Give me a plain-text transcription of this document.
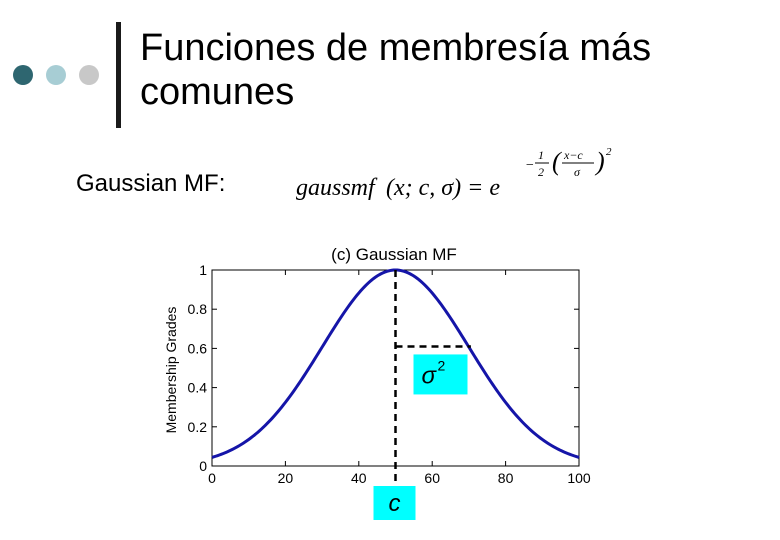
Funciones de membresía más
comunes
Gaussian MF:	gaussmf (x; c, σ) = e
−
1
2 ( x−c
σ ) 2
(c) Gaussian MF
Membership Grades
0	20	40	60	80	100
0
0.2
0.4
0.6
0.8
1
σ 2
c
